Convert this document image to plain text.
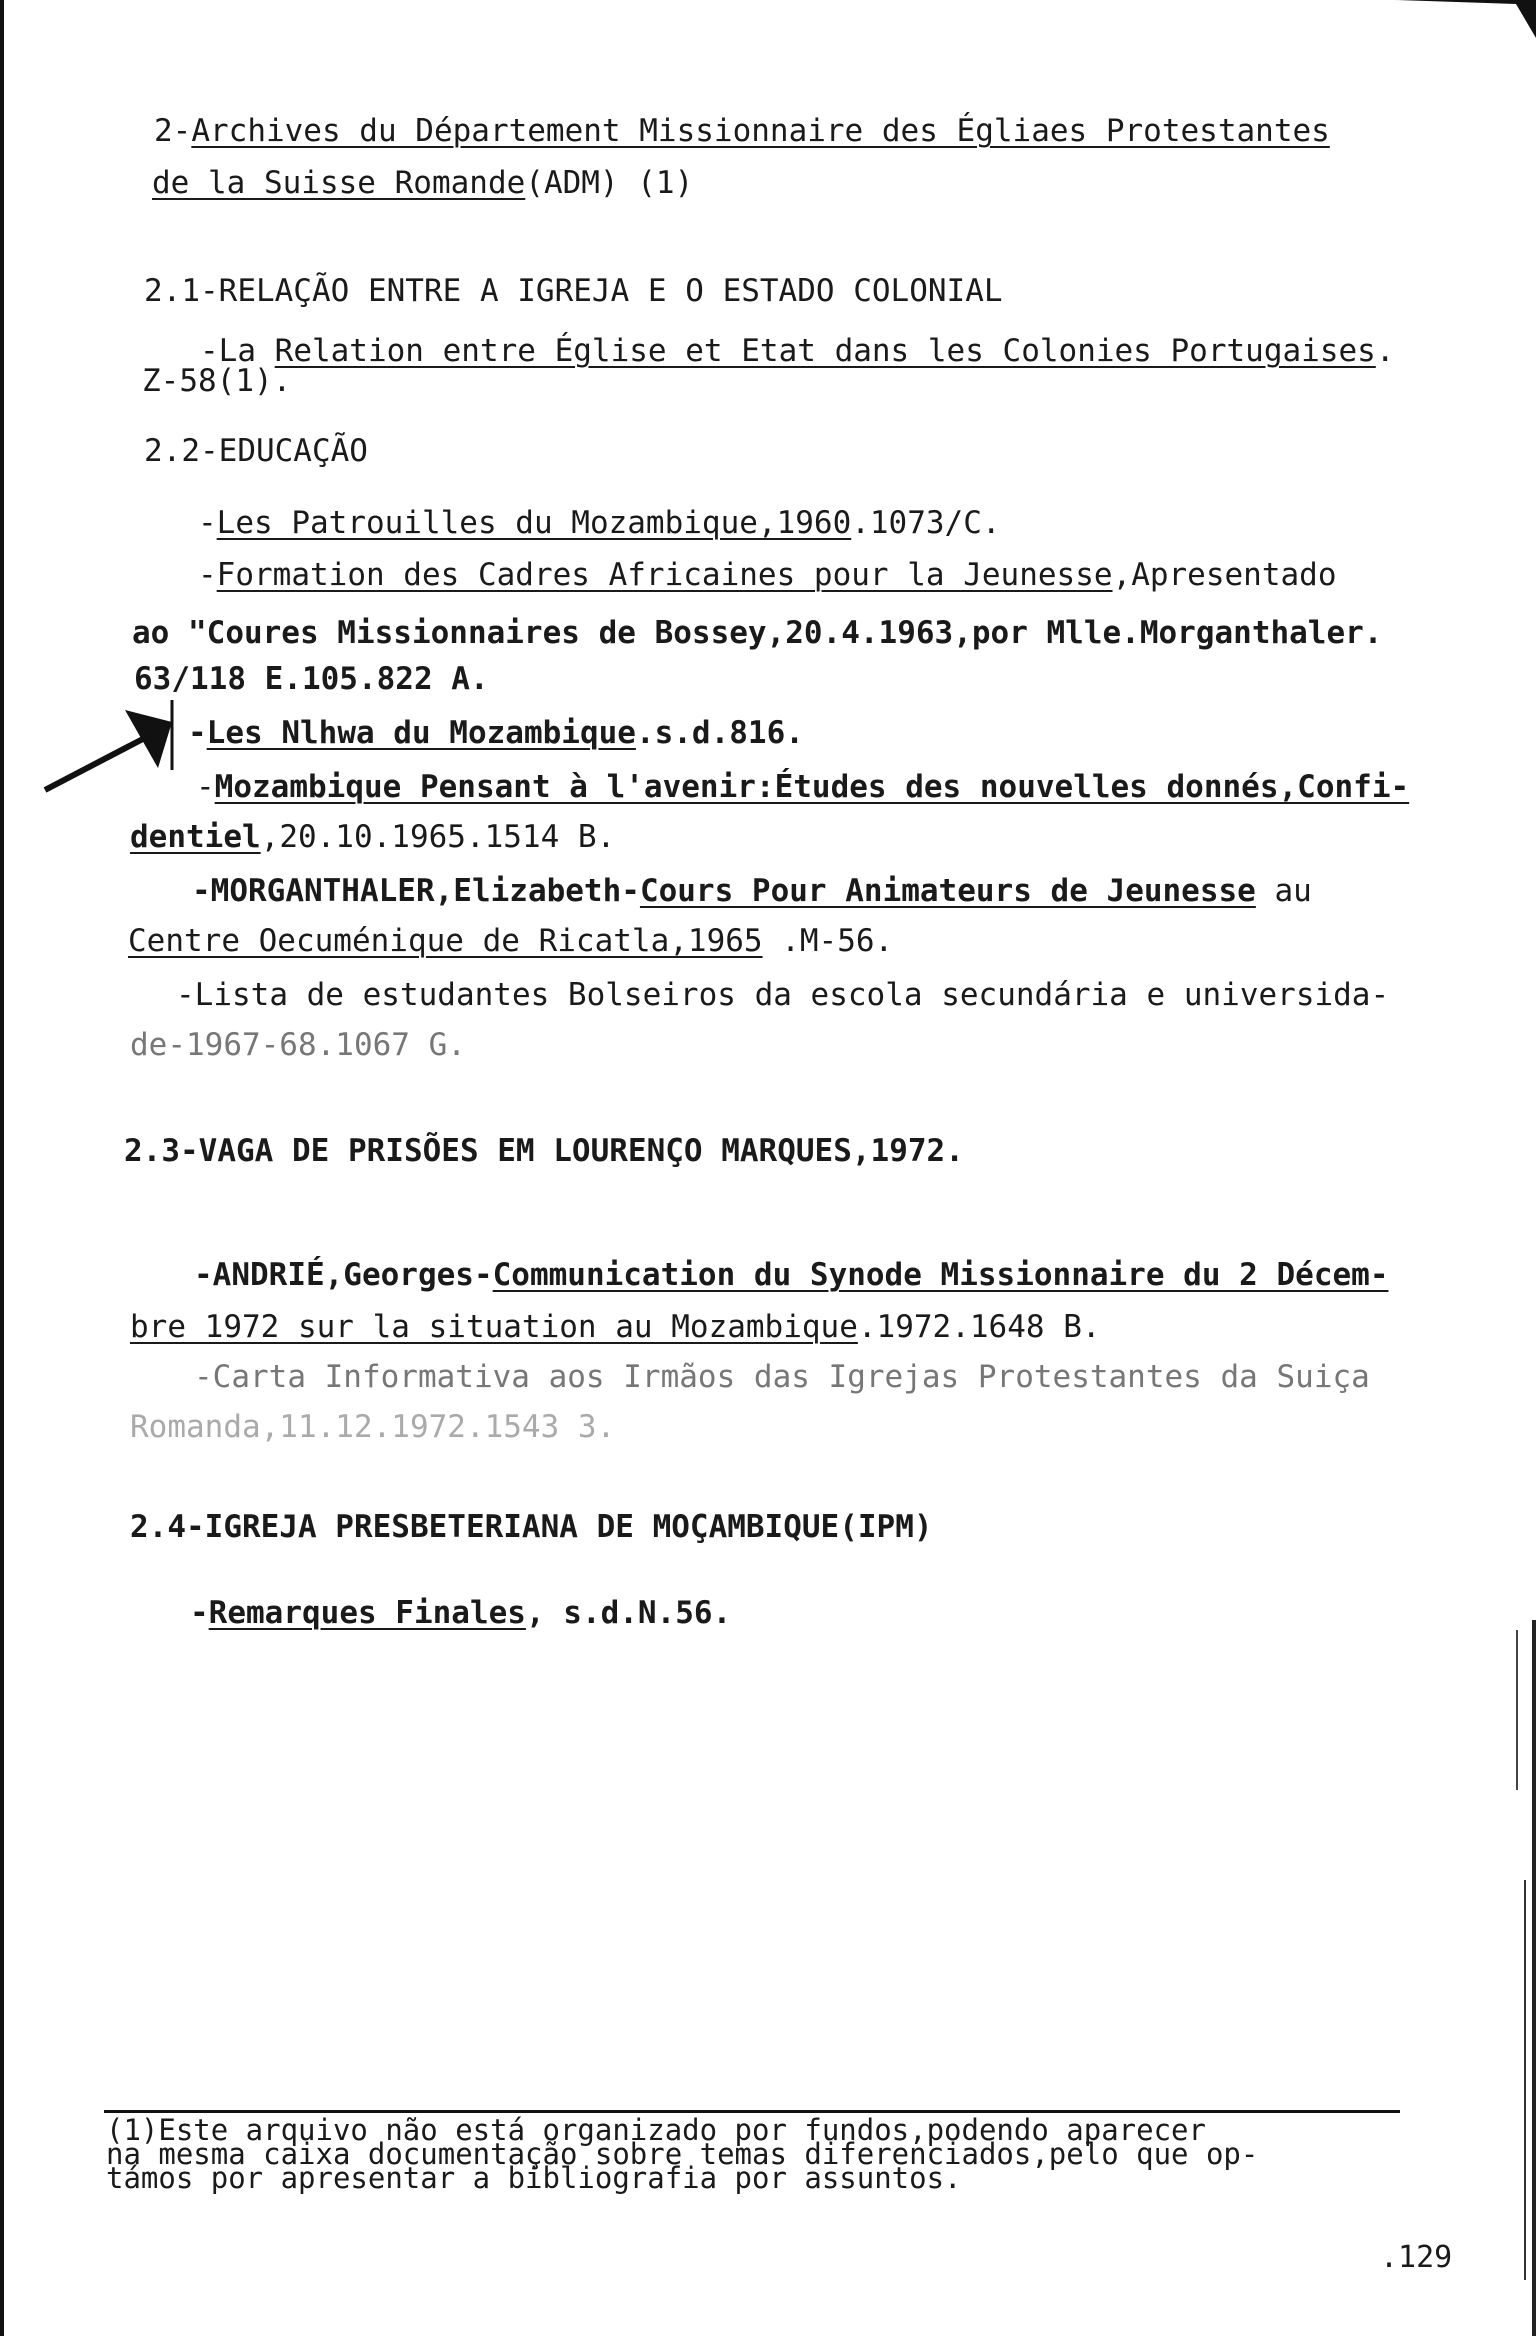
2-Archives du Département Missionnaire des Égliaes Protestantes
de la Suisse Romande(ADM) (1)
2.1-RELAÇÃO ENTRE A IGREJA E O ESTADO COLONIAL
-La Relation entre Église et Etat dans les Colonies Portugaises.
Z-58(1).
2.2-EDUCAÇÃO
-Les Patrouilles du Mozambique,1960.1073/C.
-Formation des Cadres Africaines pour la Jeunesse,Apresentado
ao "Coures Missionnaires de Bossey,20.4.1963,por Mlle.Morganthaler.
63/118 E.105.822 A.
-Les Nlhwa du Mozambique.s.d.816.
-Mozambique Pensant à l'avenir:Études des nouvelles donnés,Confi-
dentiel,20.10.1965.1514 B.
-MORGANTHALER,Elizabeth-Cours Pour Animateurs de Jeunesse au
Centre Oecuménique de Ricatla,1965 .M-56.
-Lista de estudantes Bolseiros da escola secundária e universida-
de-1967-68.1067 G.
2.3-VAGA DE PRISÕES EM LOURENÇO MARQUES,1972.
-ANDRIÉ,Georges-Communication du Synode Missionnaire du 2 Décem-
bre 1972 sur la situation au Mozambique.1972.1648 B.
-Carta Informativa aos Irmãos das Igrejas Protestantes da Suiça
Romanda,11.12.1972.1543 3.
2.4-IGREJA PRESBETERIANA DE MOÇAMBIQUE(IPM)
-Remarques Finales, s.d.N.56.
(1)Este arquivo não está organizado por fundos,podendo aparecer
na mesma caixa documentação sobre temas diferenciados,pelo que op-
támos por apresentar a bibliografia por assuntos.
.129
